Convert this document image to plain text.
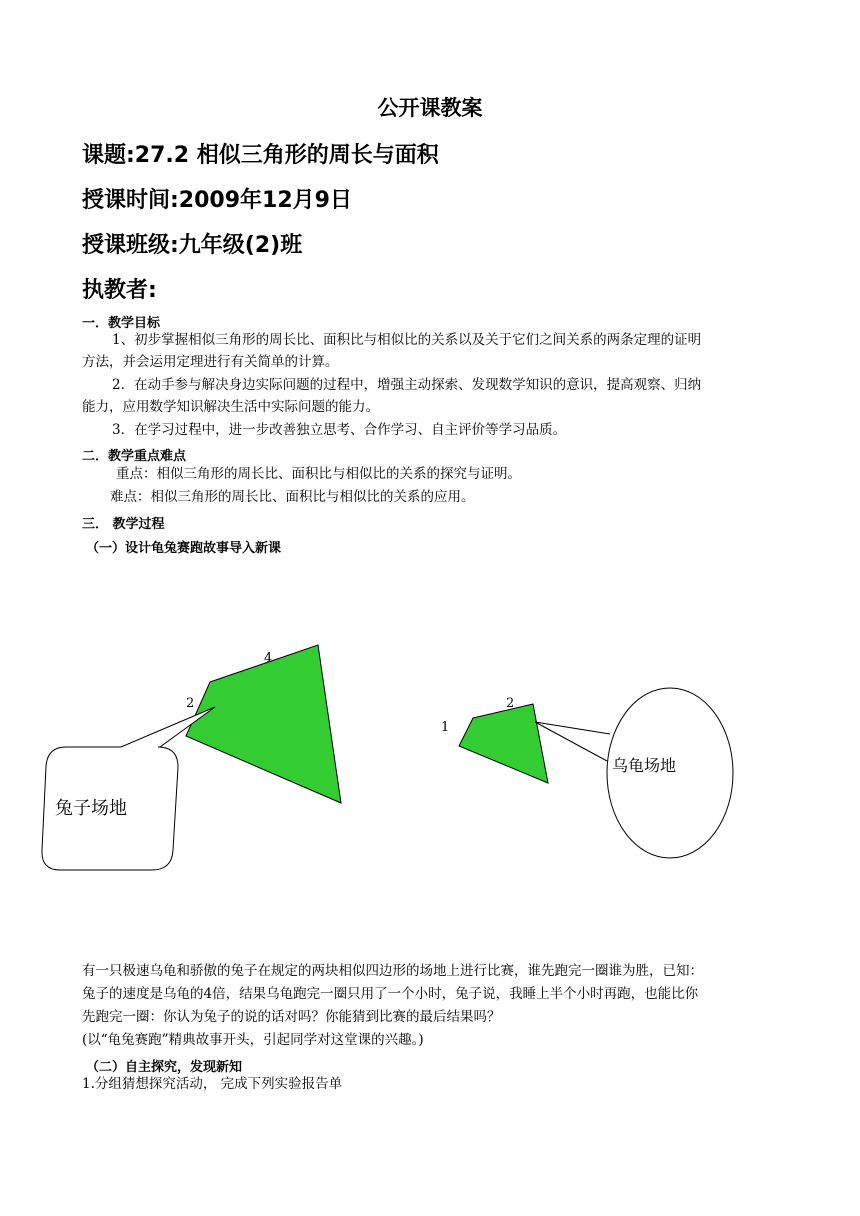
公开课教案
课题:27.2 相似三角形的周长与面积
授课时间:2009年12月9日
授课班级:九年级(2)班
执教者:
一．教学目标
1、初步掌握相似三角形的周长比、面积比与相似比的关系以及关于它们之间关系的两条定理的证明
方法，并会运用定理进行有关简单的计算。
2．在动手参与解决身边实际问题的过程中，增强主动探索、发现数学知识的意识，提高观察、归纳
能力，应用数学知识解决生活中实际问题的能力。
3．在学习过程中，进一步改善独立思考、合作学习、自主评价等学习品质。
二．教学重点难点
重点：相似三角形的周长比、面积比与相似比的关系的探究与证明。
难点：相似三角形的周长比、面积比与相似比的关系的应用。
三． 教学过程
（一）设计龟兔赛跑故事导入新课
4
2
兔子场地
2
1
乌龟场地
有一只极速乌龟和骄傲的兔子在规定的两块相似四边形的场地上进行比赛，谁先跑完一圈谁为胜，已知：
兔子的速度是乌龟的4倍，结果乌龟跑完一圈只用了一个小时，兔子说，我睡上半个小时再跑，也能比你
先跑完一圈：你认为兔子的说的话对吗？你能猜到比赛的最后结果吗？
(以“龟兔赛跑”精典故事开头，引起同学对这堂课的兴趣。)
（二）自主探究，发现新知
1.分组猜想探究活动， 完成下列实验报告单
